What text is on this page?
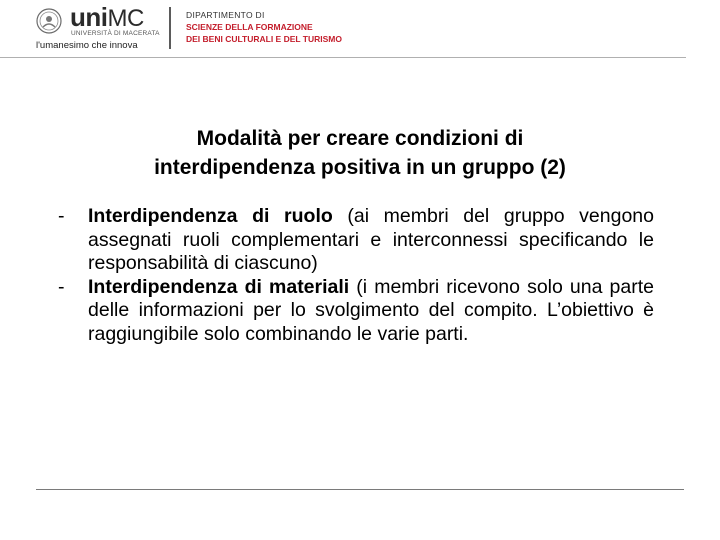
uniMC
UNIVERSITÀ DI MACERATA
l'umanesimo che innova
DIPARTIMENTO DI
SCIENZE DELLA FORMAZIONE
DEI BENI CULTURALI E DEL TURISMO
Modalità per creare condizioni di
interdipendenza positiva in un gruppo (2)
-	Interdipendenza di ruolo (ai membri del gruppo vengono assegnati ruoli complementari e interconnessi specificando le responsabilità di ciascuno)
-	Interdipendenza di materiali (i membri ricevono solo una parte delle informazioni per lo svolgimento del compito. L’obiettivo è raggiungibile solo combinando le varie parti.
